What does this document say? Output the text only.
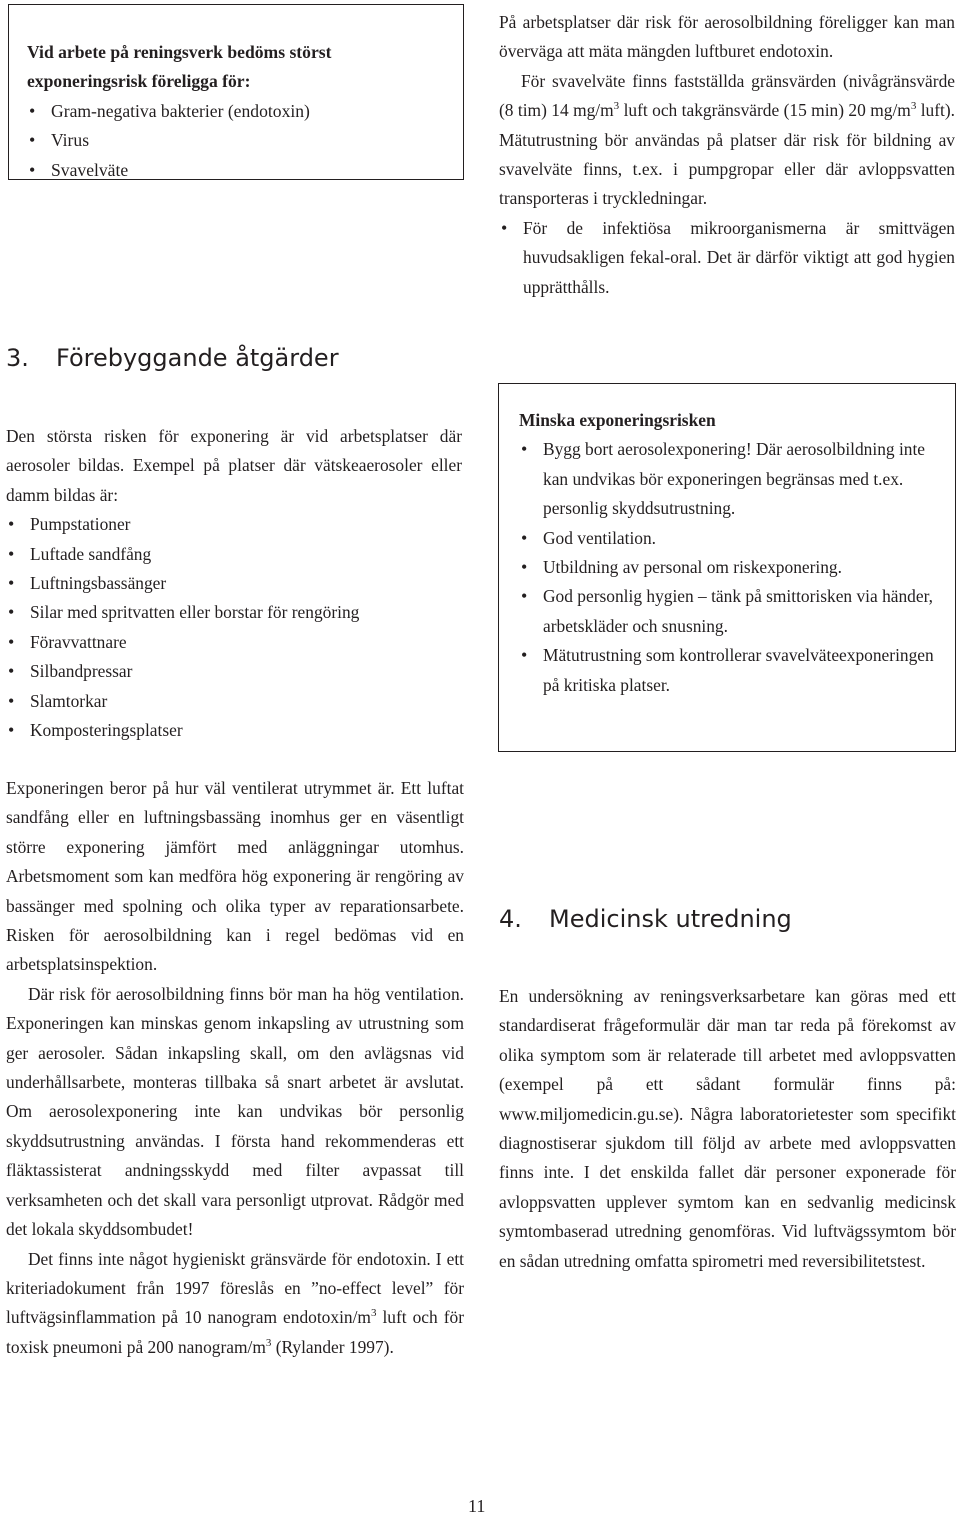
Vid arbete på reningsverk bedöms störst exponeringsrisk föreligga för:

• Gram-negativa bakterier (endotoxin)
• Virus
• Svavelväte
3. Förebyggande åtgärder

Den största risken för exponering är vid arbetsplatser där aerosoler bildas. Exempel på platser där vätskeaerosoler eller damm bildas är:

• Pumpstationer
• Luftade sandfång
• Luftningsbassänger
• Silar med spritvatten eller borstar för rengöring
• Föravvattnare
• Silbandpressar
• Slamtorkar
• Komposteringsplatser

Exponeringen beror på hur väl ventilerat utrymmet är. Ett luftat sandfång eller en luftningsbassäng inomhus ger en väsentligt större exponering jämfört med anläggningar utomhus. Arbetsmoment som kan medföra hög exponering är rengöring av bassänger med spolning och olika typer av reparationsarbete. Risken för aerosolbildning kan i regel bedömas vid en arbetsplatsinspektion.

Där risk för aerosolbildning finns bör man ha hög ventilation. Exponeringen kan minskas genom inkapsling av utrustning som ger aerosoler. Sådan inkapsling skall, om den avlägsnas vid underhållsarbete, monteras tillbaka så snart arbetet är avslutat. Om aerosolexponering inte kan undvikas bör personlig skyddsutrustning användas. I första hand rekommenderas ett fläktassisterat andningsskydd med filter avpassat till verksamheten och det skall vara personligt utprovat. Rådgör med det lokala skyddsombudet!

Det finns inte något hygieniskt gränsvärde för endotoxin. I ett kriteriadokument från 1997 föreslås en ”no-effect level” för luftvägsinflammation på 10 nanogram endotoxin/$m^3$ luft och för toxisk pneumoni på 200 nanogram/$m^3$ (Rylander 1997).

På arbetsplatser där risk för aerosolbildning föreligger kan man överväga att mäta mängden luftburet endotoxin.

För svavelväte finns fastställda gränsvärden (nivågränsvärde (8 tim) 14 $mg/m^3$ luft och takgränsvärde (15 min) 20 $mg/m^3$ luft). Mätutrustning bör användas på platser där risk för bildning av svavelväte finns, t.ex. i pumpgropar eller där avloppsvatten transporteras i tryckledningar.

• För de infektiösa mikroorganismerna är smittvägen huvudsakligen fekal-oral. Det är därför viktigt att god hygien upprätthålls.

Minska exponeringsrisken

• Bygg bort aerosolexponering! Där aerosolbildning inte kan undvikas bör exponeringen begränsas med t.ex. personlig skyddsutrustning.
• God ventilation.
• Utbildning av personal om riskexponering.
• God personlig hygien – tänk på smittorisken via händer, arbetskläder och snusning.
• Mätutrustning som kontrollerar svavelväteexponeringen på kritiska platser.
4. Medicinsk utredning

En undersökning av reningsverksarbetare kan göras med ett standardiserat frågeformulär där man tar reda på förekomst av olika symptom som är relaterade till arbetet med avloppsvatten (exempel på ett sådant formulär finns på: www.miljomedicin.gu.se). Några laboratorietester som specifikt diagnostiserar sjukdom till följd av arbete med avloppsvatten finns inte. I det enskilda fallet där personer exponerade för avloppsvatten upplever symtom kan en sedvanlig medicinsk symtombaserad utredning genomföras. Vid luftvägssymtom bör en sådan utredning omfatta spirometri med reversibilitetstest.

11
